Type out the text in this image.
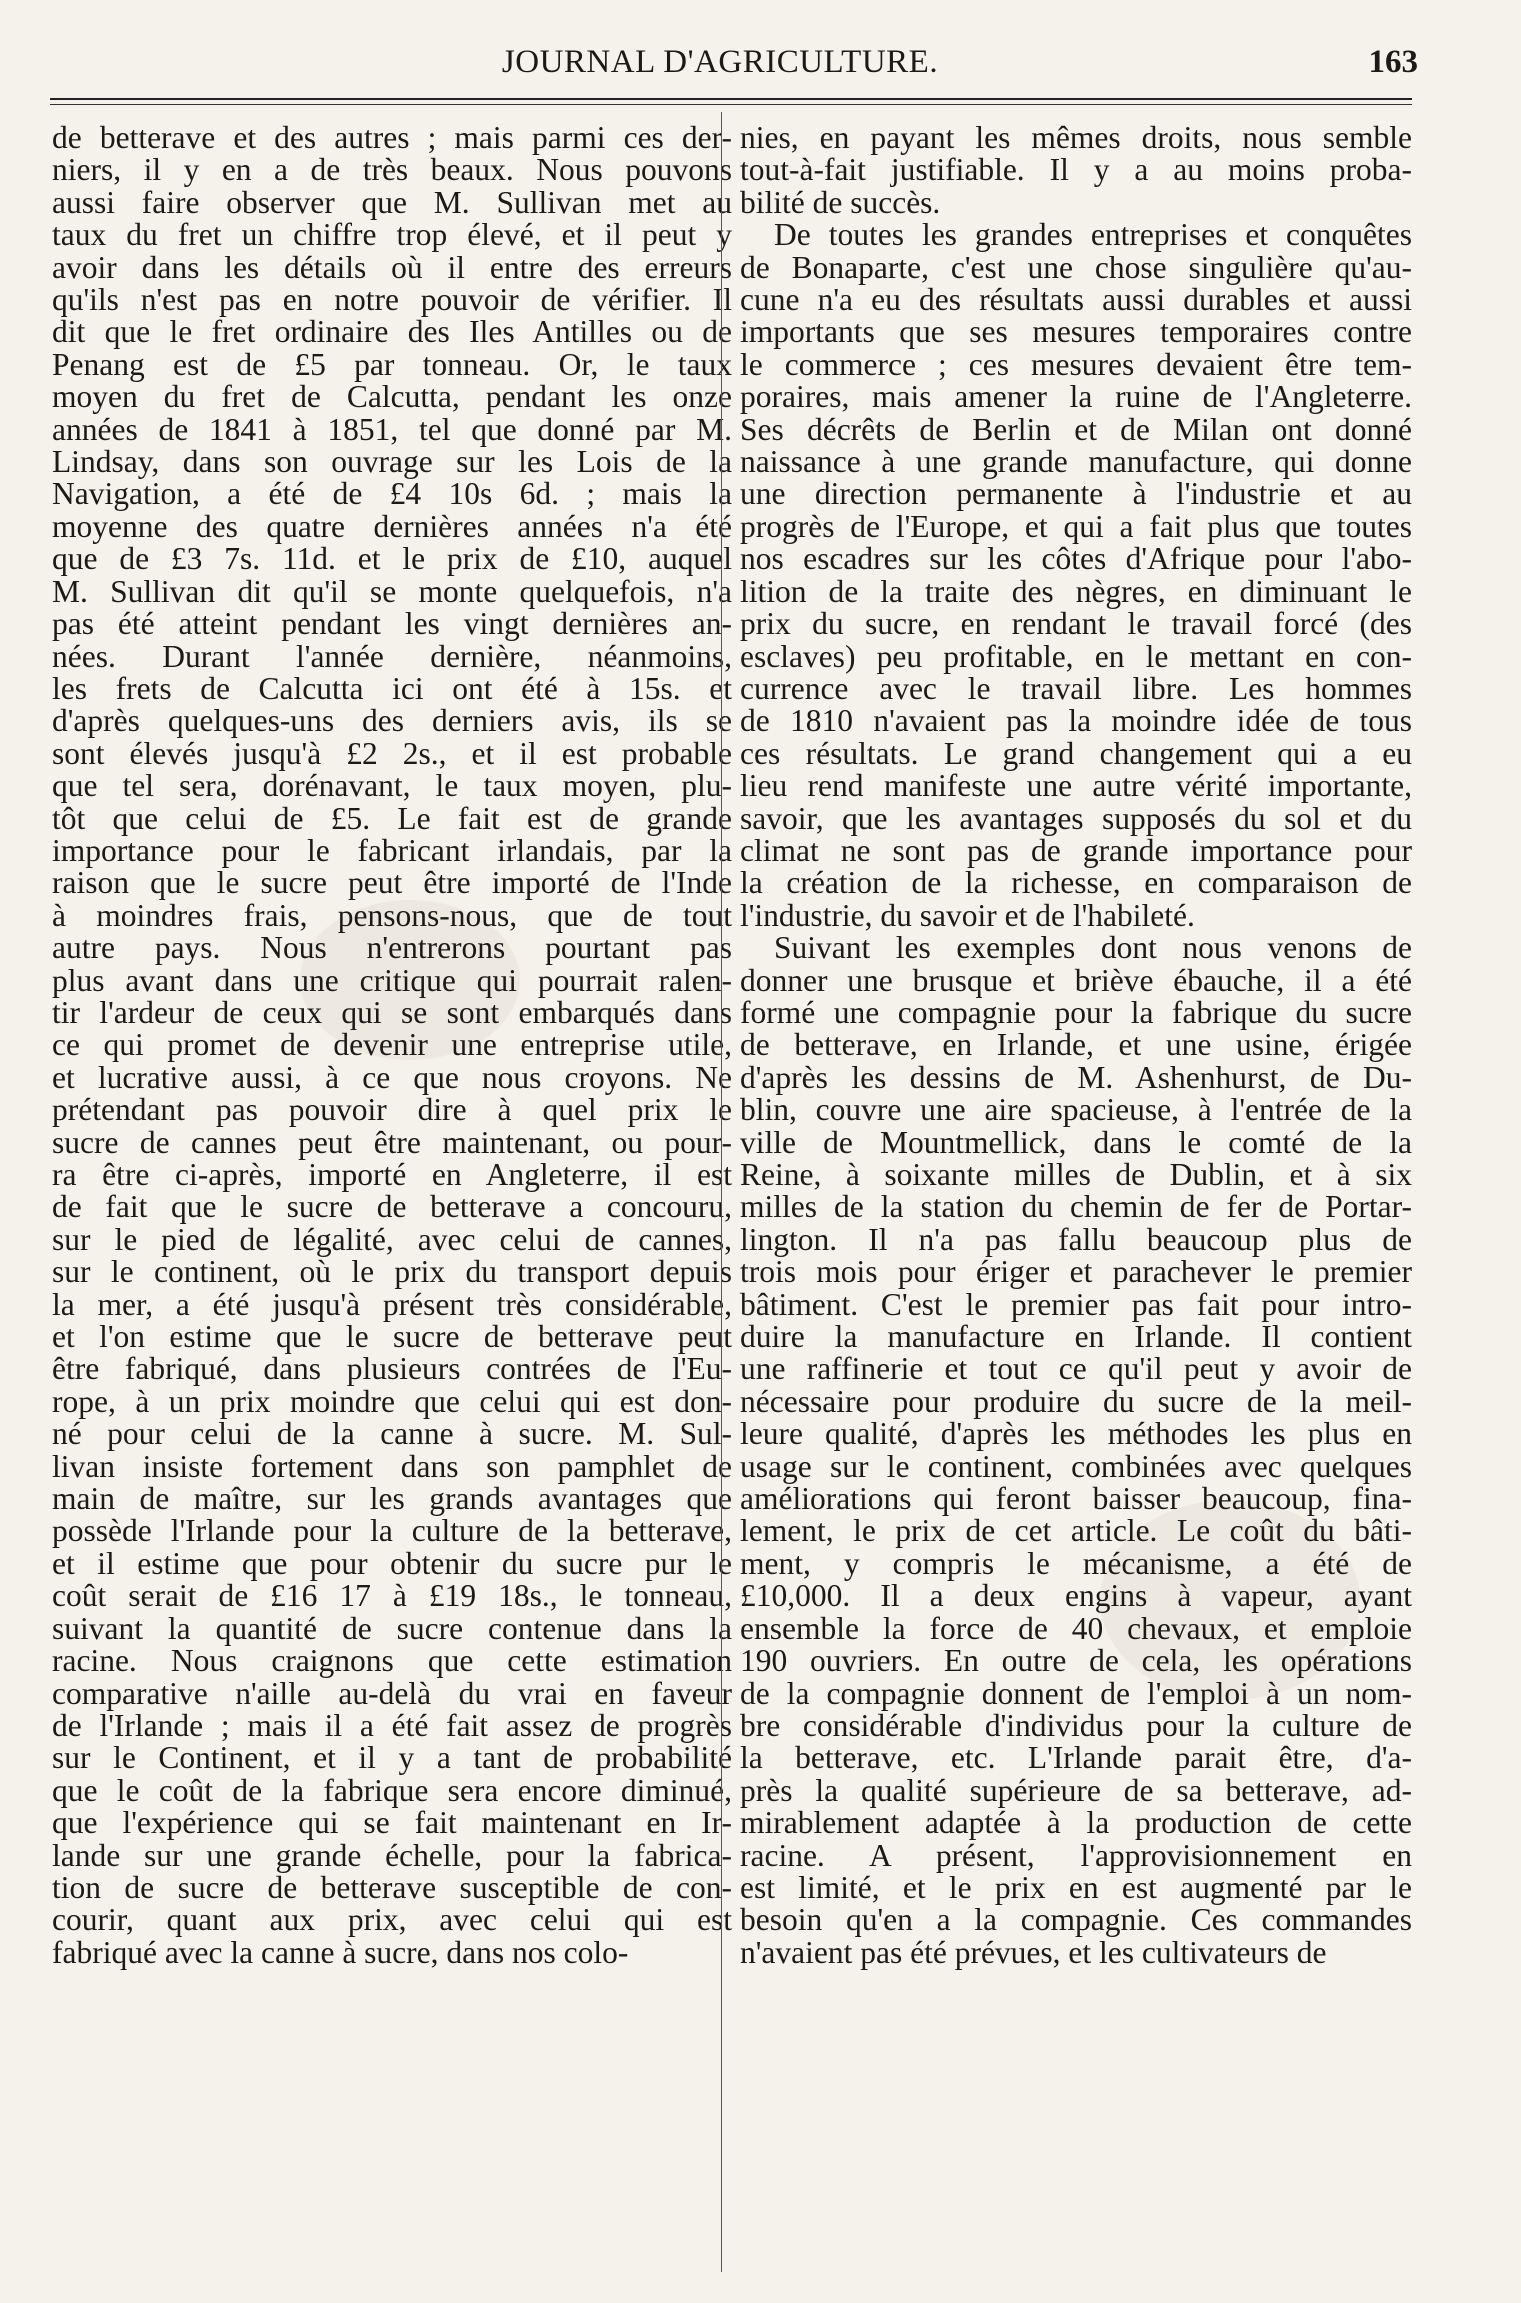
JOURNAL D'AGRICULTURE.	163
de betterave et des autres ; mais parmi ces der-
niers, il y en a de très beaux. Nous pouvons
aussi faire observer que M. Sullivan met au
taux du fret un chiffre trop élevé, et il peut y
avoir dans les détails où il entre des erreurs
qu'ils n'est pas en notre pouvoir de vérifier. Il
dit que le fret ordinaire des Iles Antilles ou de
Penang est de £5 par tonneau. Or, le taux
moyen du fret de Calcutta, pendant les onze
années de 1841 à 1851, tel que donné par M.
Lindsay, dans son ouvrage sur les Lois de la
Navigation, a été de £4 10s 6d. ; mais la
moyenne des quatre dernières années n'a été
que de £3 7s. 11d. et le prix de £10, auquel
M. Sullivan dit qu'il se monte quelquefois, n'a
pas été atteint pendant les vingt dernières an-
nées. Durant l'année dernière, néanmoins,
les frets de Calcutta ici ont été à 15s. et
d'après quelques-uns des derniers avis, ils se
sont élevés jusqu'à £2 2s., et il est probable
que tel sera, dorénavant, le taux moyen, plu-
tôt que celui de £5. Le fait est de grande
importance pour le fabricant irlandais, par la
raison que le sucre peut être importé de l'Inde
à moindres frais, pensons-nous, que de tout
autre pays. Nous n'entrerons pourtant pas
plus avant dans une critique qui pourrait ralen-
tir l'ardeur de ceux qui se sont embarqués dans
ce qui promet de devenir une entreprise utile,
et lucrative aussi, à ce que nous croyons. Ne
prétendant pas pouvoir dire à quel prix le
sucre de cannes peut être maintenant, ou pour-
ra être ci-après, importé en Angleterre, il est
de fait que le sucre de betterave a concouru,
sur le pied de légalité, avec celui de cannes,
sur le continent, où le prix du transport depuis
la mer, a été jusqu'à présent très considérable,
et l'on estime que le sucre de betterave peut
être fabriqué, dans plusieurs contrées de l'Eu-
rope, à un prix moindre que celui qui est don-
né pour celui de la canne à sucre. M. Sul-
livan insiste fortement dans son pamphlet de
main de maître, sur les grands avantages que
possède l'Irlande pour la culture de la betterave,
et il estime que pour obtenir du sucre pur le
coût serait de £16 17 à £19 18s., le tonneau,
suivant la quantité de sucre contenue dans la
racine. Nous craignons que cette estimation
comparative n'aille au-delà du vrai en faveur
de l'Irlande ; mais il a été fait assez de progrès
sur le Continent, et il y a tant de probabilité
que le coût de la fabrique sera encore diminué,
que l'expérience qui se fait maintenant en Ir-
lande sur une grande échelle, pour la fabrica-
tion de sucre de betterave susceptible de con-
courir, quant aux prix, avec celui qui est
fabriqué avec la canne à sucre, dans nos colo-
nies, en payant les mêmes droits, nous semble
tout-à-fait justifiable. Il y a au moins proba-
bilité de succès.
De toutes les grandes entreprises et conquêtes
de Bonaparte, c'est une chose singulière qu'au-
cune n'a eu des résultats aussi durables et aussi
importants que ses mesures temporaires contre
le commerce ; ces mesures devaient être tem-
poraires, mais amener la ruine de l'Angleterre.
Ses décrêts de Berlin et de Milan ont donné
naissance à une grande manufacture, qui donne
une direction permanente à l'industrie et au
progrès de l'Europe, et qui a fait plus que toutes
nos escadres sur les côtes d'Afrique pour l'abo-
lition de la traite des nègres, en diminuant le
prix du sucre, en rendant le travail forcé (des
esclaves) peu profitable, en le mettant en con-
currence avec le travail libre. Les hommes
de 1810 n'avaient pas la moindre idée de tous
ces résultats. Le grand changement qui a eu
lieu rend manifeste une autre vérité importante,
savoir, que les avantages supposés du sol et du
climat ne sont pas de grande importance pour
la création de la richesse, en comparaison de
l'industrie, du savoir et de l'habileté.
Suivant les exemples dont nous venons de
donner une brusque et briève ébauche, il a été
formé une compagnie pour la fabrique du sucre
de betterave, en Irlande, et une usine, érigée
d'après les dessins de M. Ashenhurst, de Du-
blin, couvre une aire spacieuse, à l'entrée de la
ville de Mountmellick, dans le comté de la
Reine, à soixante milles de Dublin, et à six
milles de la station du chemin de fer de Portar-
lington. Il n'a pas fallu beaucoup plus de
trois mois pour ériger et parachever le premier
bâtiment. C'est le premier pas fait pour intro-
duire la manufacture en Irlande. Il contient
une raffinerie et tout ce qu'il peut y avoir de
nécessaire pour produire du sucre de la meil-
leure qualité, d'après les méthodes les plus en
usage sur le continent, combinées avec quelques
améliorations qui feront baisser beaucoup, fina-
lement, le prix de cet article. Le coût du bâti-
ment, y compris le mécanisme, a été de
£10,000. Il a deux engins à vapeur, ayant
ensemble la force de 40 chevaux, et emploie
190 ouvriers. En outre de cela, les opérations
de la compagnie donnent de l'emploi à un nom-
bre considérable d'individus pour la culture de
la betterave, etc. L'Irlande parait être, d'a-
près la qualité supérieure de sa betterave, ad-
mirablement adaptée à la production de cette
racine. A présent, l'approvisionnement en
est limité, et le prix en est augmenté par le
besoin qu'en a la compagnie. Ces commandes
n'avaient pas été prévues, et les cultivateurs de
